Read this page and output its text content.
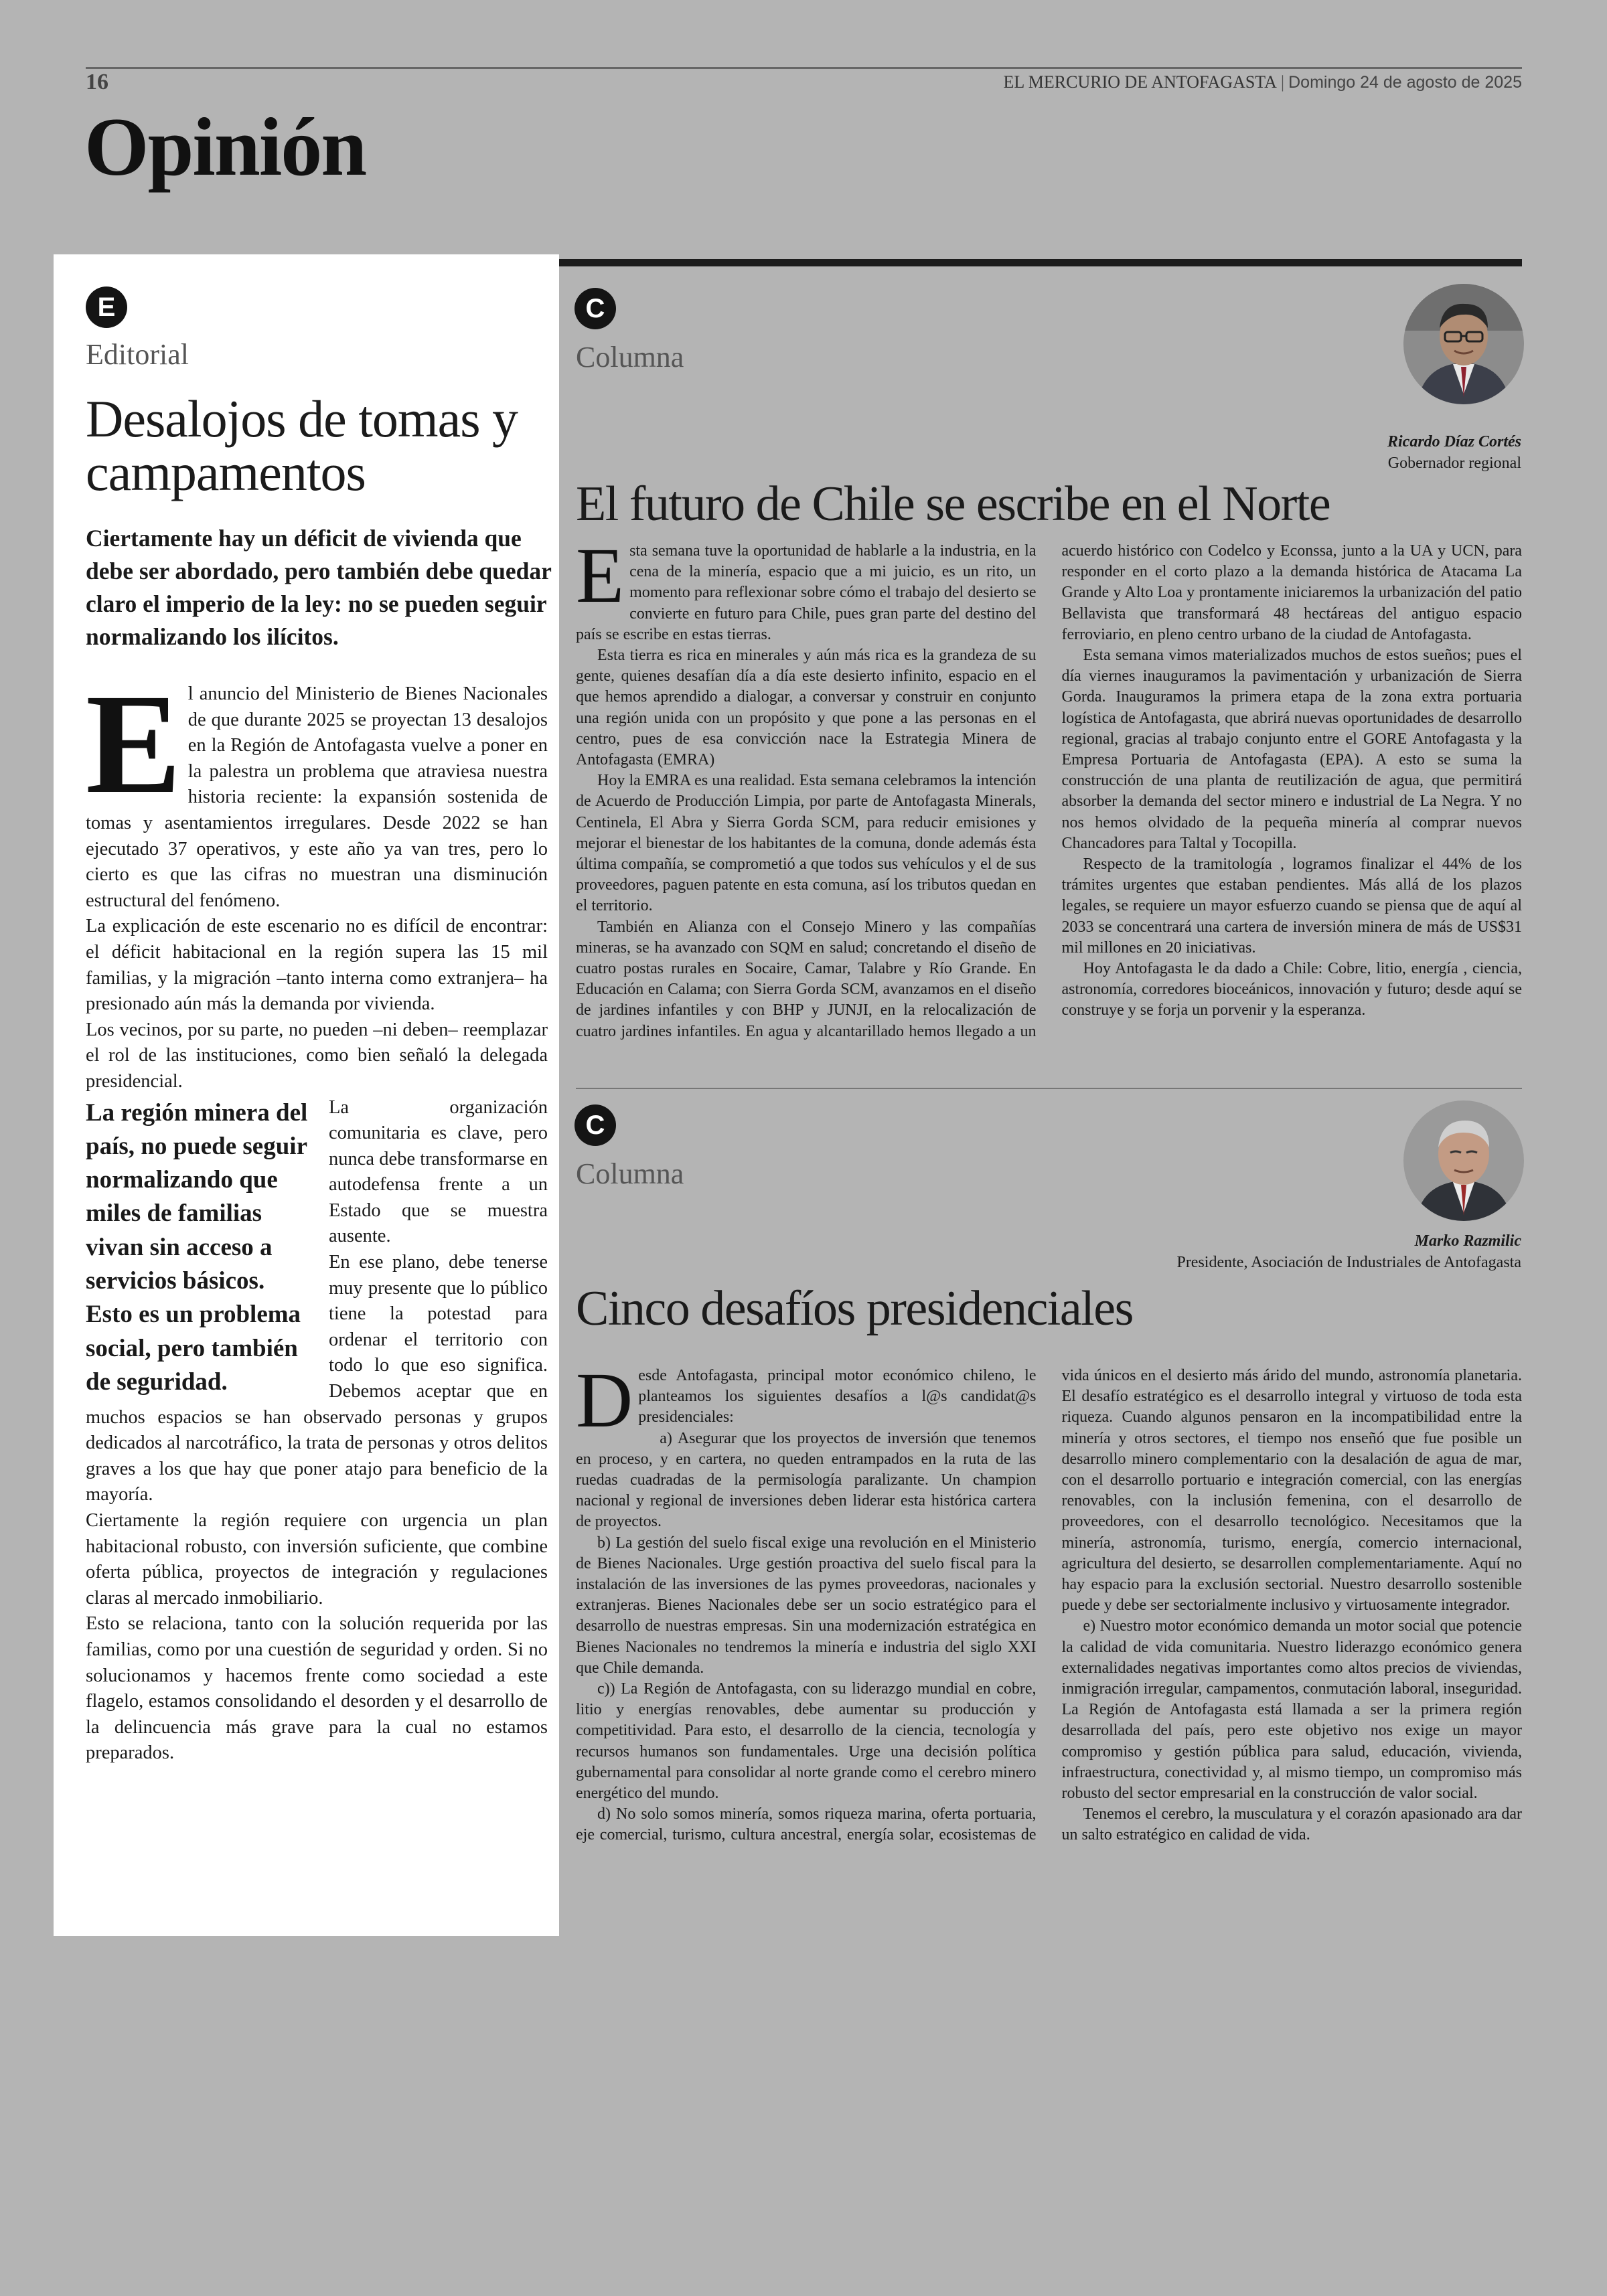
16	EL MERCURIO DE ANTOFAGASTA | Domingo 24 de agosto de 2025
Opinión
E
Editorial
Desalojos de tomas y campamentos
Ciertamente hay un déficit de vivienda que debe ser abordado, pero también debe quedar claro el imperio de la ley: no se pueden seguir normalizando los ilícitos.

El anuncio del Ministerio de Bienes Nacionales de que durante 2025 se proyectan 13 desalojos en la Región de Antofagasta vuelve a poner en la palestra un problema que atraviesa nuestra historia reciente: la expansión sostenida de tomas y asentamientos irregulares. Desde 2022 se han ejecutado 37 operativos, y este año ya van tres, pero lo cierto es que las cifras no muestran una disminución estructural del fenómeno.

La explicación de este escenario no es difícil de encontrar: el déficit habitacional en la región supera las 15 mil familias, y la migración –tanto interna como extranjera– ha presionado aún más la demanda por vivienda.

Los vecinos, por su parte, no pueden –ni deben– reemplazar el rol de las instituciones, como bien señaló la delegada presidencial.

La región minera del país, no puede seguir normalizando que miles de familias vivan sin acceso a servicios básicos. Esto es un problema social, pero también de seguridad.

La organización comunitaria es clave, pero nunca debe transformarse en autodefensa frente a un Estado que se muestra ausente.

En ese plano, debe tenerse muy presente que lo público tiene la potestad para ordenar el territorio con todo lo que eso significa. Debemos aceptar que en muchos espacios se han observado personas y grupos dedicados al narcotráfico, la trata de personas y otros delitos graves a los que hay que poner atajo para beneficio de la mayoría.

Ciertamente la región requiere con urgencia un plan habitacional robusto, con inversión suficiente, que combine oferta pública, proyectos de integración y regulaciones claras al mercado inmobiliario.

Esto se relaciona, tanto con la solución requerida por las familias, como por una cuestión de seguridad y orden. Si no solucionamos y hacemos frente como sociedad a este flagelo, estamos consolidando el desorden y el desarrollo de la delincuencia más grave para la cual no estamos preparados.

C
Columna
Ricardo Díaz Cortés
Gobernador regional
El futuro de Chile se escribe en el Norte

Esta semana tuve la oportunidad de hablarle a la industria, en la cena de la minería, espacio que a mi juicio, es un rito, un momento para reflexionar sobre cómo el trabajo del desierto se convierte en futuro para Chile, pues gran parte del destino del país se escribe en estas tierras.

Esta tierra es rica en minerales y aún más rica es la grandeza de su gente, quienes desafían día a día este desierto infinito, espacio en el que hemos aprendido a dialogar, a conversar y construir en conjunto una región unida con un propósito y que pone a las personas en el centro, pues de esa convicción nace la Estrategia Minera de Antofagasta (EMRA)

Hoy la EMRA es una realidad. Esta semana celebramos la intención de Acuerdo de Producción Limpia, por parte de Antofagasta Minerals, Centinela, El Abra y Sierra Gorda SCM, para reducir emisiones y mejorar el bienestar de los habitantes de la comuna, donde además ésta última compañía, se comprometió a que todos sus vehículos y el de sus proveedores, paguen patente en esta comuna, así los tributos quedan en el territorio.

También en Alianza con el Consejo Minero y las compañías mineras, se ha avanzado con SQM en salud; concretando el diseño de cuatro postas rurales en Socaire, Camar, Talabre y Río Grande. En Educación en Calama; con Sierra Gorda SCM, avanzamos en el diseño de jardines infantiles y con BHP y JUNJI, en la relocalización de cuatro jardines infantiles. En agua y alcantarillado hemos llegado a un acuerdo histórico con Codelco y Econssa, junto a la UA y UCN, para responder en el corto plazo a la demanda histórica de Atacama La Grande y Alto Loa y prontamente iniciaremos la urbanización del patio Bellavista que transformará 48 hectáreas del antiguo espacio ferroviario, en pleno centro urbano de la ciudad de Antofagasta.

Esta semana vimos materializados muchos de estos sueños; pues el día viernes inauguramos la pavimentación y urbanización de Sierra Gorda. Inauguramos la primera etapa de la zona extra portuaria logística de Antofagasta, que abrirá nuevas oportunidades de desarrollo regional, gracias al trabajo conjunto entre el GORE Antofagasta y la Empresa Portuaria de Antofagasta (EPA). A esto se suma la construcción de una planta de reutilización de agua, que permitirá absorber la demanda del sector minero e industrial de La Negra. Y no nos hemos olvidado de la pequeña minería al comprar nuevos Chancadores para Taltal y Tocopilla.

Respecto de la tramitología , logramos finalizar el 44% de los trámites urgentes que estaban pendientes. Más allá de los plazos legales, se requiere un mayor esfuerzo cuando se piensa que de aquí al 2033 se concentrará una cartera de inversión minera de más de US$31 mil millones en 20 iniciativas.

Hoy Antofagasta le da dado a Chile: Cobre, litio, energía , ciencia, astronomía, corredores bioceánicos, innovación y futuro; desde aquí se construye y se forja un porvenir y la esperanza.

C
Columna
Marko Razmilic
Presidente, Asociación de Industriales de Antofagasta
Cinco desafíos presidenciales

Desde Antofagasta, principal motor económico chileno, le planteamos los siguientes desafíos a l@s candidat@s presidenciales:

a) Asegurar que los proyectos de inversión que tenemos en proceso, y en cartera, no queden entrampados en la ruta de las ruedas cuadradas de la permisología paralizante. Un champion nacional y regional de inversiones deben liderar esta histórica cartera de proyectos.

b) La gestión del suelo fiscal exige una revolución en el Ministerio de Bienes Nacionales. Urge gestión proactiva del suelo fiscal para la instalación de las inversiones de las pymes proveedoras, nacionales y extranjeras. Bienes Nacionales debe ser un socio estratégico para el desarrollo de nuestras empresas. Sin una modernización estratégica en Bienes Nacionales no tendremos la minería e industria del siglo XXI que Chile demanda.

c)) La Región de Antofagasta, con su liderazgo mundial en cobre, litio y energías renovables, debe aumentar su producción y competitividad. Para esto, el desarrollo de la ciencia, tecnología y recursos humanos son fundamentales. Urge una decisión política gubernamental para consolidar al norte grande como el cerebro minero energético del mundo.

d) No solo somos minería, somos riqueza marina, oferta portuaria, eje comercial, turismo, cultura ancestral, energía solar, ecosistemas de vida únicos en el desierto más árido del mundo, astronomía planetaria. El desafío estratégico es el desarrollo integral y virtuoso de toda esta riqueza. Cuando algunos pensaron en la incompatibilidad entre la minería y otros sectores, el tiempo nos enseñó que fue posible un desarrollo minero complementario con la desalación de agua de mar, con el desarrollo portuario e integración comercial, con las energías renovables, con la inclusión femenina, con el desarrollo de proveedores, con el desarrollo tecnológico. Necesitamos que la minería, astronomía, turismo, energía, comercio internacional, agricultura del desierto, se desarrollen complementariamente. Aquí no hay espacio para la exclusión sectorial. Nuestro desarrollo sostenible puede y debe ser sectorialmente inclusivo y virtuosamente integrador.

e) Nuestro motor económico demanda un motor social que potencie la calidad de vida comunitaria. Nuestro liderazgo económico genera externalidades negativas importantes como altos precios de viviendas, inmigración irregular, campamentos, conmutación laboral, inseguridad. La Región de Antofagasta está llamada a ser la primera región desarrollada del país, pero este objetivo nos exige un mayor compromiso y gestión pública para salud, educación, vivienda, infraestructura, conectividad y, al mismo tiempo, un compromiso más robusto del sector empresarial en la construcción de valor social.

Tenemos el cerebro, la musculatura y el corazón apasionado ara dar un salto estratégico en calidad de vida.
